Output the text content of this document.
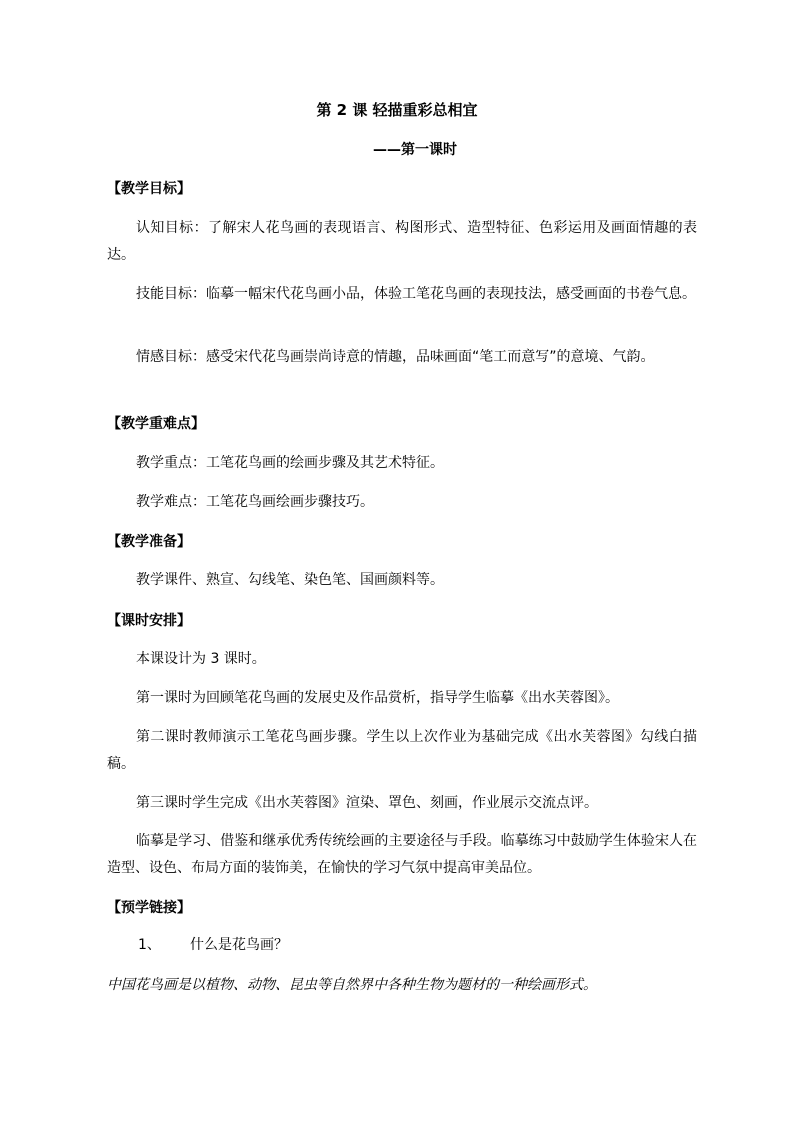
第 2 课 轻描重彩总相宜
——第一课时
【教学目标】
认知目标：了解宋人花鸟画的表现语言、构图形式、造型特征、色彩运用及画面情趣的表达。
技能目标：临摹一幅宋代花鸟画小品，体验工笔花鸟画的表现技法，感受画面的书卷气息。
情感目标：感受宋代花鸟画崇尚诗意的情趣，品味画面“笔工而意写”的意境、气韵。
【教学重难点】
教学重点：工笔花鸟画的绘画步骤及其艺术特征。
教学难点：工笔花鸟画绘画步骤技巧。
【教学准备】
教学课件、熟宣、勾线笔、染色笔、国画颜料等。
【课时安排】
本课设计为 3 课时。
第一课时为回顾笔花鸟画的发展史及作品赏析，指导学生临摹《出水芙蓉图》。
第二课时教师演示工笔花鸟画步骤。学生以上次作业为基础完成《出水芙蓉图》勾线白描稿。
第三课时学生完成《出水芙蓉图》渲染、罩色、刻画，作业展示交流点评。
临摹是学习、借鉴和继承优秀传统绘画的主要途径与手段。临摹练习中鼓励学生体验宋人在造型、设色、布局方面的装饰美，在愉快的学习气氛中提高审美品位。
【预学链接】
1、 什么是花鸟画？
中国花鸟画是以植物、动物、昆虫等自然界中各种生物为题材的一种绘画形式。
